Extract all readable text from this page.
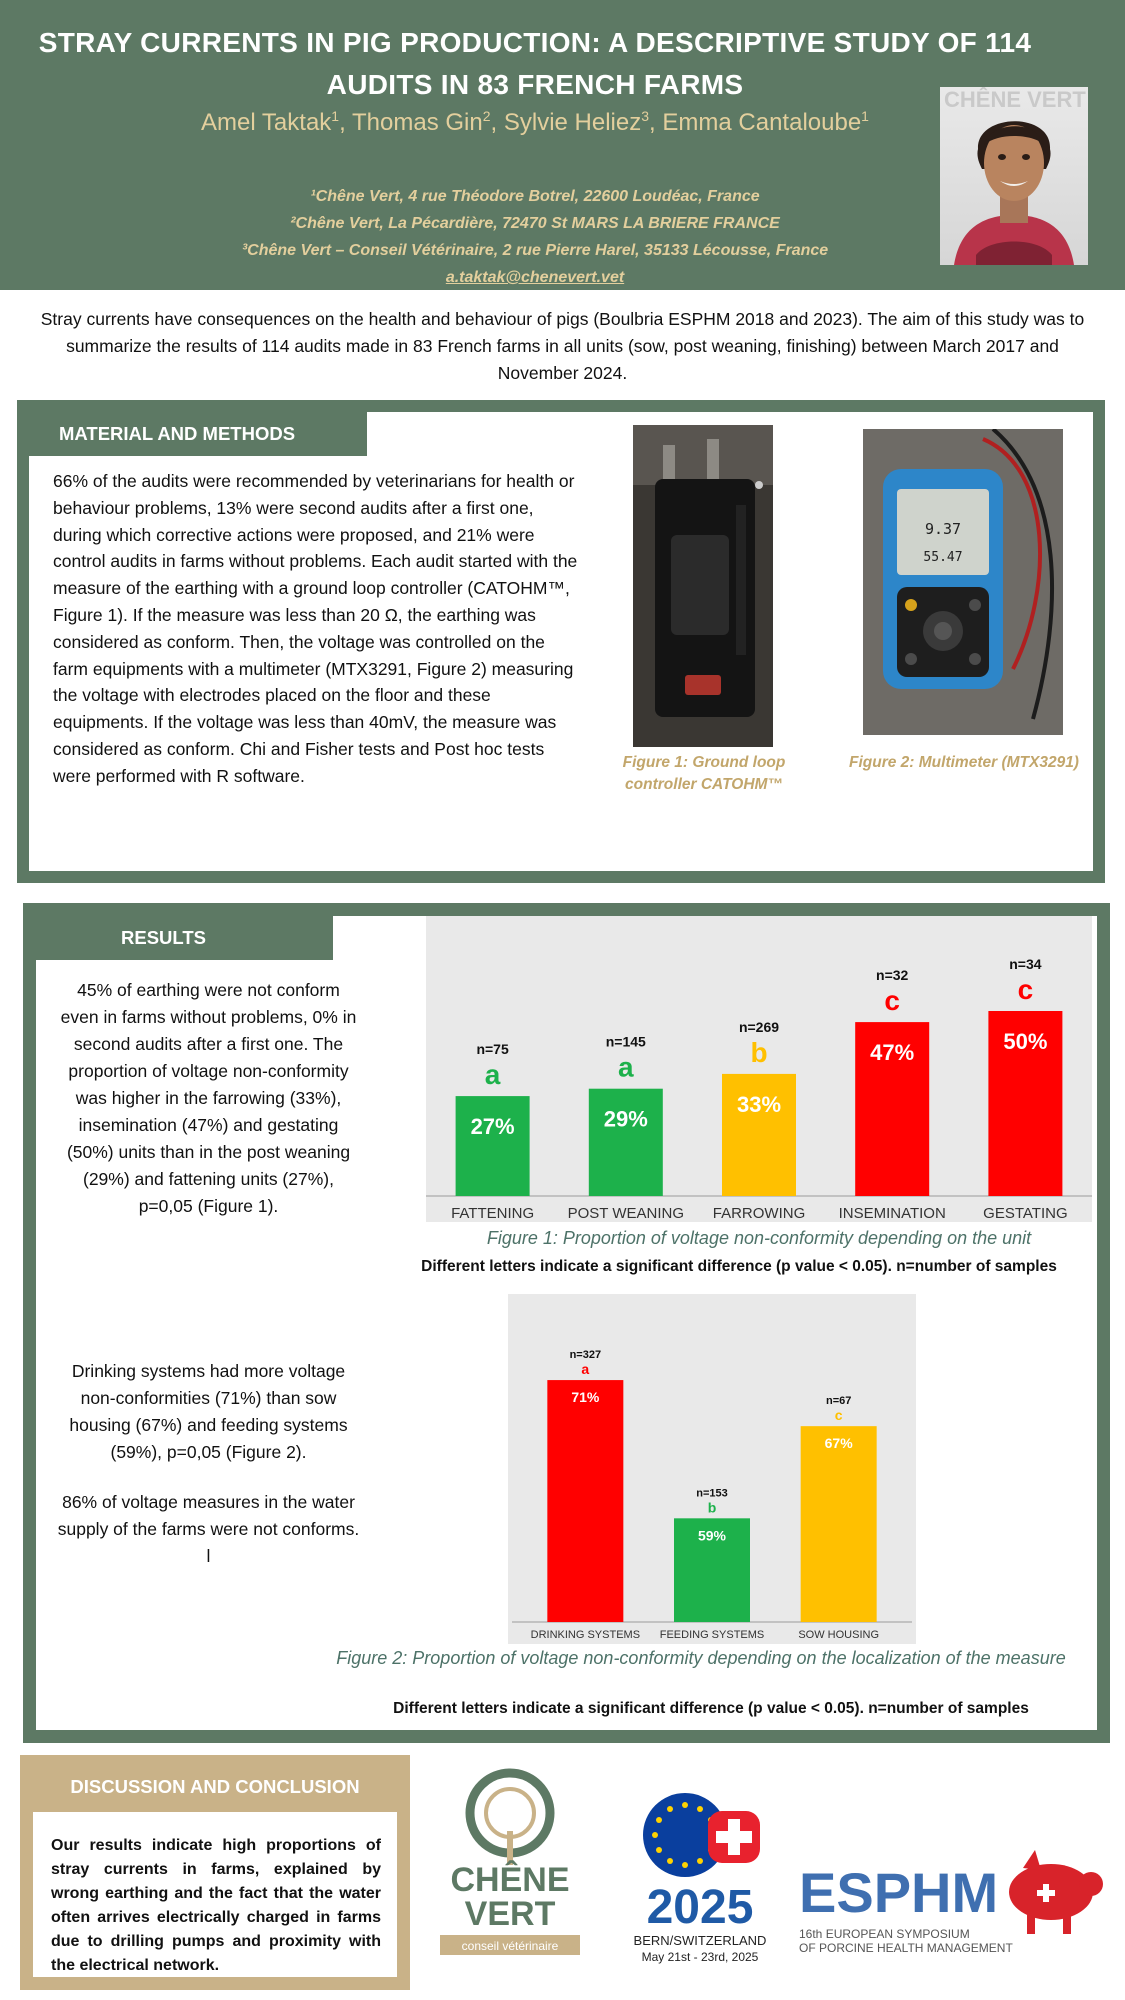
STRAY CURRENTS IN PIG PRODUCTION: A DESCRIPTIVE STUDY OF 114 AUDITS IN 83 FRENCH FARMS
Amel Taktak$^1$, Thomas Gin$^2$, Sylvie Heliez$^3$, Emma Cantaloube$^1$
¹Chêne Vert, 4 rue Théodore Botrel, 22600 Loudéac, France
²Chêne Vert, La Pécardière, 72470 St MARS LA BRIERE FRANCE
³Chêne Vert – Conseil Vétérinaire, 2 rue Pierre Harel, 35133 Lécousse, France
a.taktak@chenevert.vet
CHÊNE VERT
Stray currents have consequences on the health and behaviour of pigs (Boulbria ESPHM 2018 and 2023). The aim of this study was to summarize the results of 114 audits made in 83 French farms in all units (sow, post weaning, finishing) between March 2017 and November 2024.
MATERIAL AND METHODS
66% of the audits were recommended by veterinarians for health or behaviour problems, 13% were second audits after a first one, during which corrective actions were proposed, and 21% were control audits in farms without problems. Each audit started with the measure of the earthing with a ground loop controller (CATOHM™, Figure 1). If the measure was less than 20 Ω, the earthing was considered as conform. Then, the voltage was controlled on the farm equipments with a multimeter (MTX3291, Figure 2) measuring the voltage with electrodes placed on the floor and these equipments. If the voltage was less than 40mV, the measure was considered as conform. Chi and Fisher tests and Post hoc tests were performed with R software.
9.37
55.47
Figure 1: Ground loop controller CATOHM™
Figure 2: Multimeter (MTX3291)
RESULTS
45% of earthing were not conform even in farms without problems, 0% in second audits after a first one. The proportion of voltage non-conformity was higher in the farrowing (33%), insemination (47%) and gestating (50%) units than in the post weaning (29%) and fattening units (27%), p=0,05 (Figure 1).
Drinking systems had more voltage non-conformities (71%) than sow housing (67%) and feeding systems (59%), p=0,05 (Figure 2).
86% of voltage measures in the water supply of the farms were not conforms. l
27%
a
n=75
FATTENING
29%
a
n=145
POST WEANING
33%
b
n=269
FARROWING
47%
c
n=32
INSEMINATION
50%
c
n=34
GESTATING
Figure 1: Proportion of voltage non-conformity depending on the unit
Different letters indicate a significant difference (p value < 0.05). n=number of samples
71%
a
n=327
DRINKING SYSTEMS
59%
b
n=153
FEEDING SYSTEMS
67%
c
n=67
SOW HOUSING
Figure 2: Proportion of voltage non-conformity depending on the localization of the measure
Different letters indicate a significant difference (p value < 0.05). n=number of samples
DISCUSSION AND CONCLUSION
Our results indicate high proportions of stray currents in farms, explained by wrong earthing and the fact that the water often arrives electrically charged in farms due to drilling pumps and proximity with the electrical network.
CHÊNE
VERT
conseil vétérinaire
2025
BERN/SWITZERLAND
May 21st - 23rd, 2025
ESPHM
16th EUROPEAN SYMPOSIUM
OF PORCINE HEALTH MANAGEMENT
